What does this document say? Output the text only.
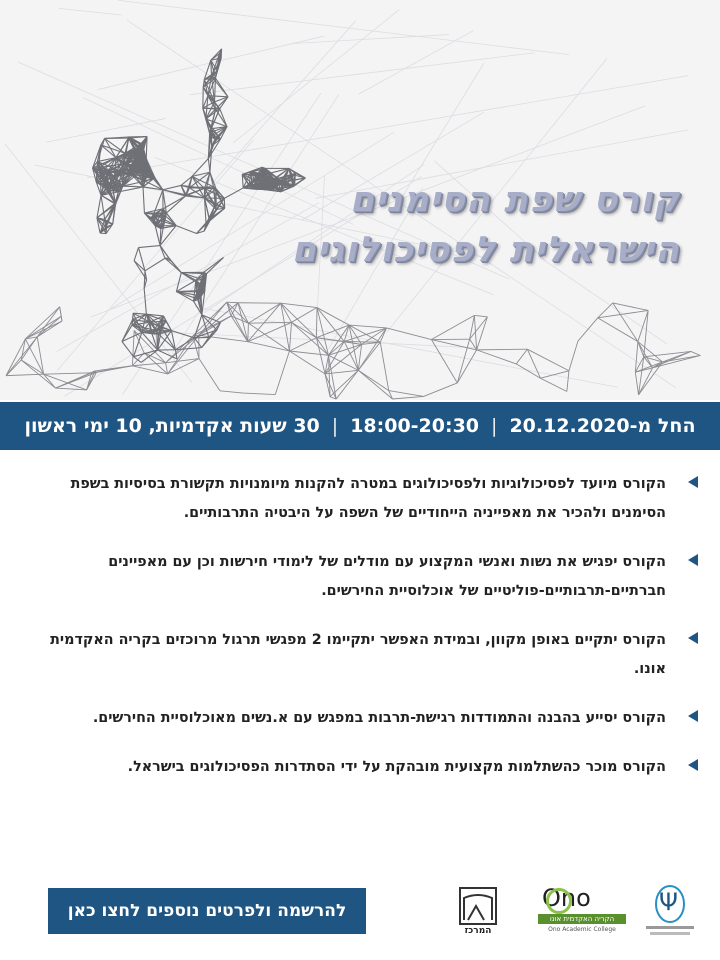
קורס שפת הסימנים
הישראלית לפסיכולוגים
30 שעות אקדמיות, 10 ימי ראשון | 18:00-20:30 | החל מ-20.12.2020
הקורס מיועד לפסיכולוגיות ולפסיכולוגים במטרה להקנות מיומנויות תקשורת בסיסיות בשפת הסימנים ולהכיר את מאפייניה הייחודיים של השפה על היבטיה התרבותיים.
הקורס יפגיש את נשות ואנשי המקצוע עם מודלים של לימודי חירשות וכן עם מאפיינים חברתיים-תרבותיים-פוליטיים של אוכלוסיית החירשים.
הקורס יתקיים באופן מקוון, ובמידת האפשר יתקיימו 2 מפגשי תרגול מרוכזים בקריה האקדמית אונו.
הקורס יסייע בהבנה והתמודדות רגישת-תרבות במפגש עם א.נשים מאוכלוסיית החירשים.
הקורס מוכר כהשתלמות מקצועית מובהקת על ידי הסתדרות הפסיכולוגים בישראל.
להרשמה ולפרטים נוספים לחצו כאן
המרכז
Ono
הקריה האקדמית אונו
Ono Academic College
Ψ
